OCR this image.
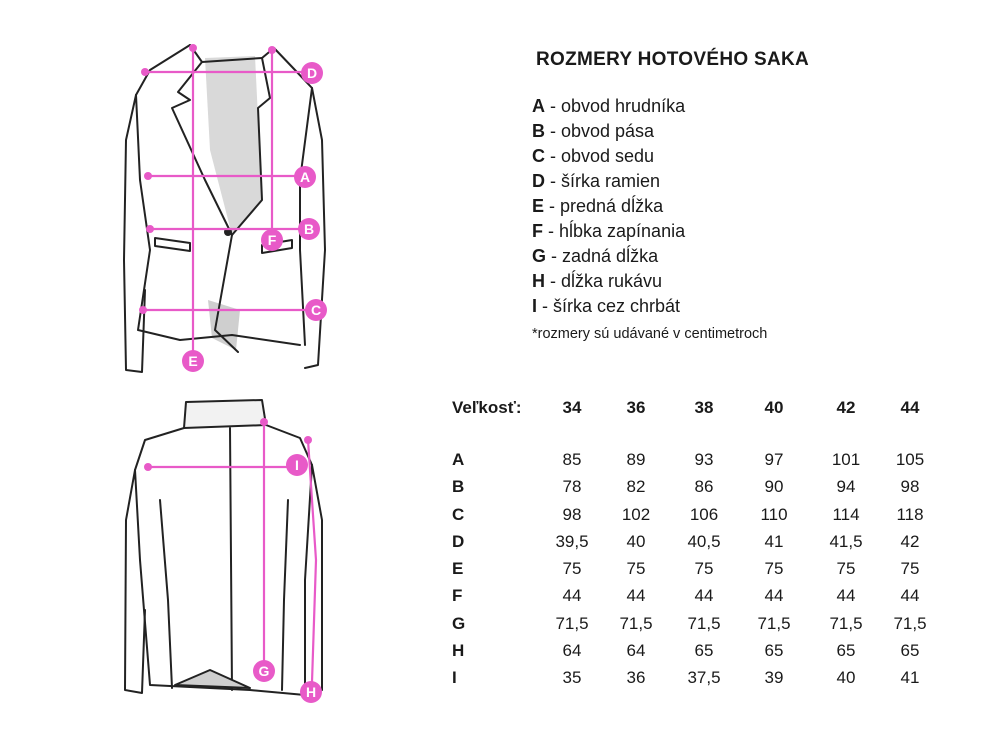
D
A
B
F
C
E
I
G
H
ROZMERY HOTOVÉHO SAKA
A - obvod hrudníka
B - obvod pása
C - obvod sedu
D - šírka ramien
E - predná dĺžka
F - hĺbka zapínania
G - zadná dĺžka
H - dĺžka rukávu
I - šírka cez chrbát
*rozmery sú udávané v centimetroch
Veľkosť: 34	36	38	40	42	44
A	85	89	93	97	101 105
B	78	82	86	90	94	98
C	98 102 106 110	114 118
D	39,5 40 40,5	41	41,5 42
E	75	75	75	75	75	75
F	44	44	44	44	44	44
G	71,5 71,5 71,5 71,5 71,5 71,5
H	64	64	65	65	65	65
I	35	36 37,5	39	40	41
